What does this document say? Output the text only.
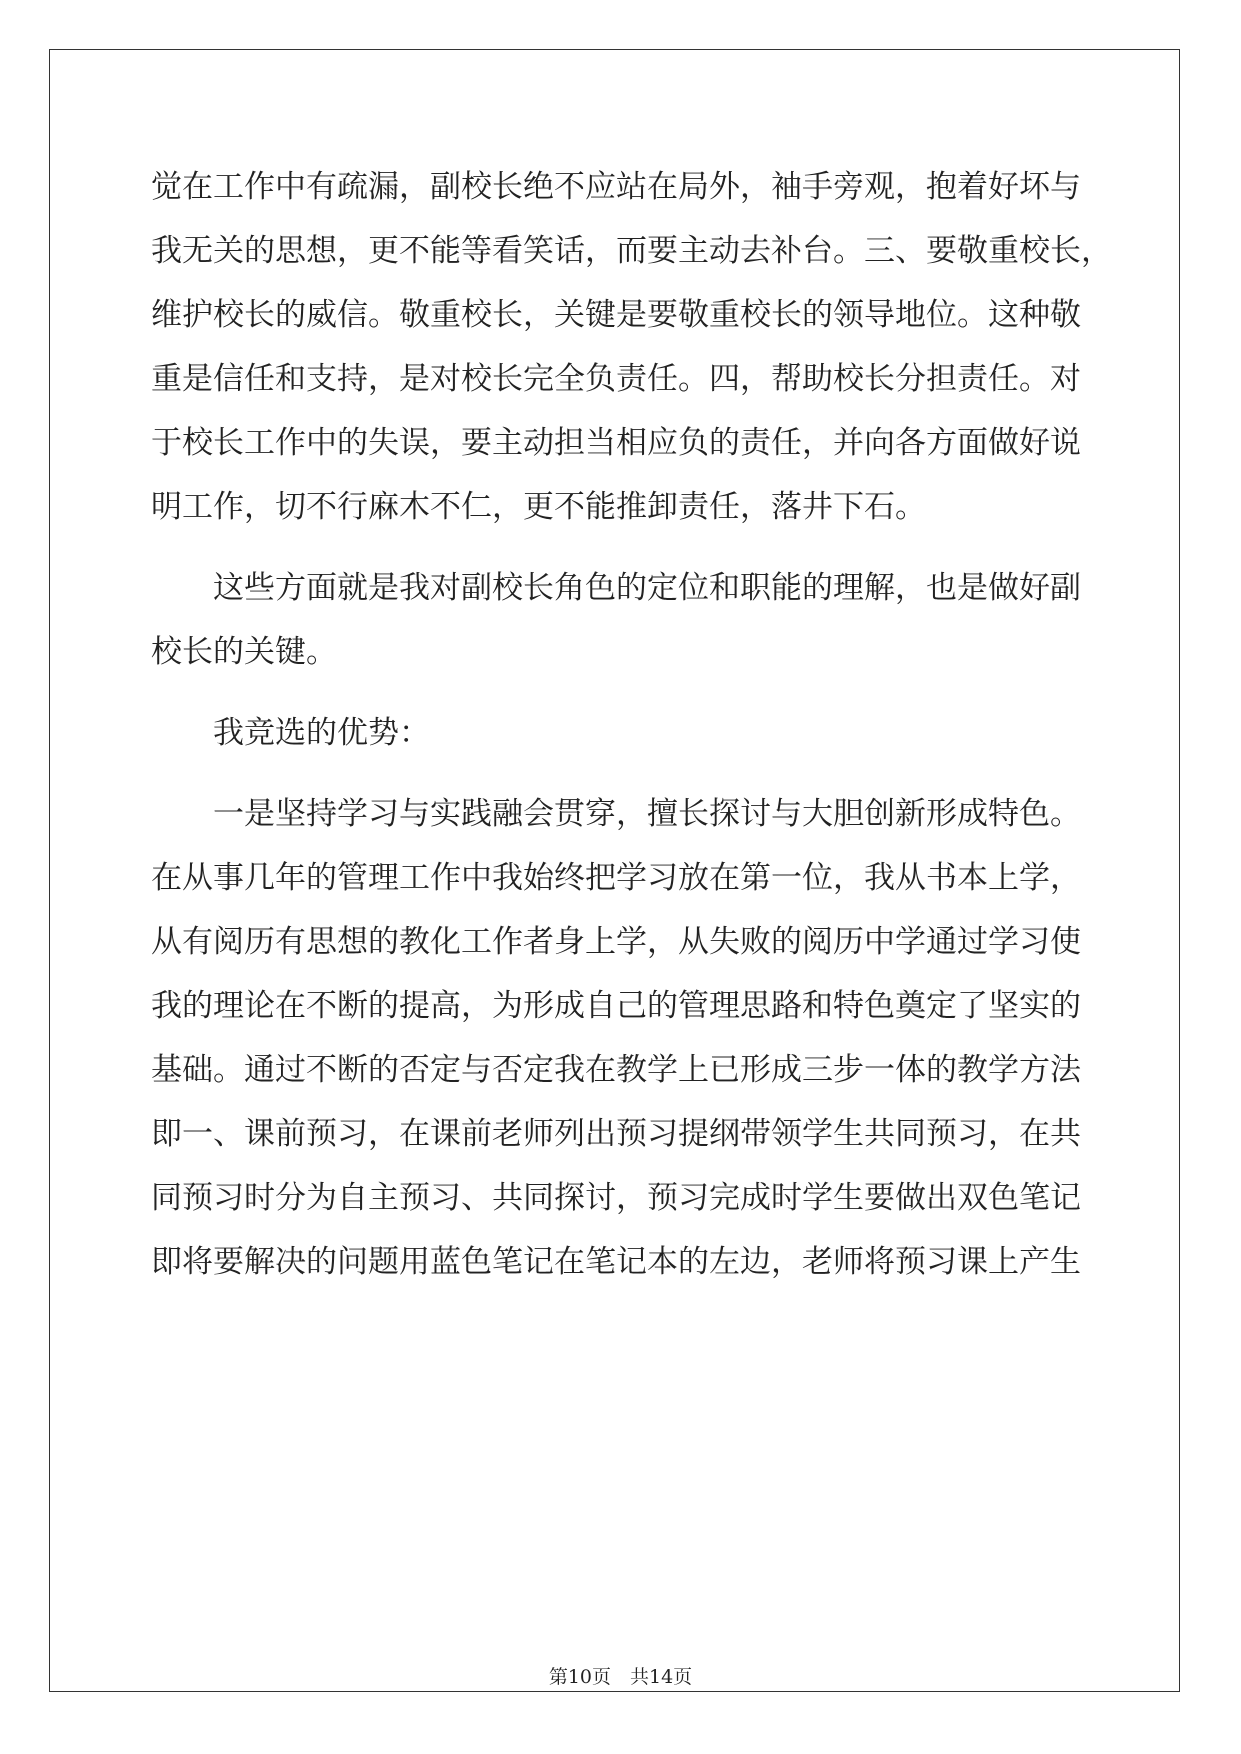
觉在工作中有疏漏，副校长绝不应站在局外，袖手旁观，抱着好坏与
我无关的思想，更不能等看笑话，而要主动去补台。三、要敬重校长，
维护校长的威信。敬重校长，关键是要敬重校长的领导地位。这种敬
重是信任和支持，是对校长完全负责任。四，帮助校长分担责任。对
于校长工作中的失误，要主动担当相应负的责任，并向各方面做好说
明工作，切不行麻木不仁，更不能推卸责任，落井下石。
这些方面就是我对副校长角色的定位和职能的理解，也是做好副
校长的关键。
我竞选的优势：
一是坚持学习与实践融会贯穿，擅长探讨与大胆创新形成特色。
在从事几年的管理工作中我始终把学习放在第一位，我从书本上学，
从有阅历有思想的教化工作者身上学，从失败的阅历中学通过学习使
我的理论在不断的提高，为形成自己的管理思路和特色奠定了坚实的
基础。通过不断的否定与否定我在教学上已形成三步一体的教学方法
即一、课前预习，在课前老师列出预习提纲带领学生共同预习，在共
同预习时分为自主预习、共同探讨，预习完成时学生要做出双色笔记
即将要解决的问题用蓝色笔记在笔记本的左边，老师将预习课上产生
第10页　共14页
